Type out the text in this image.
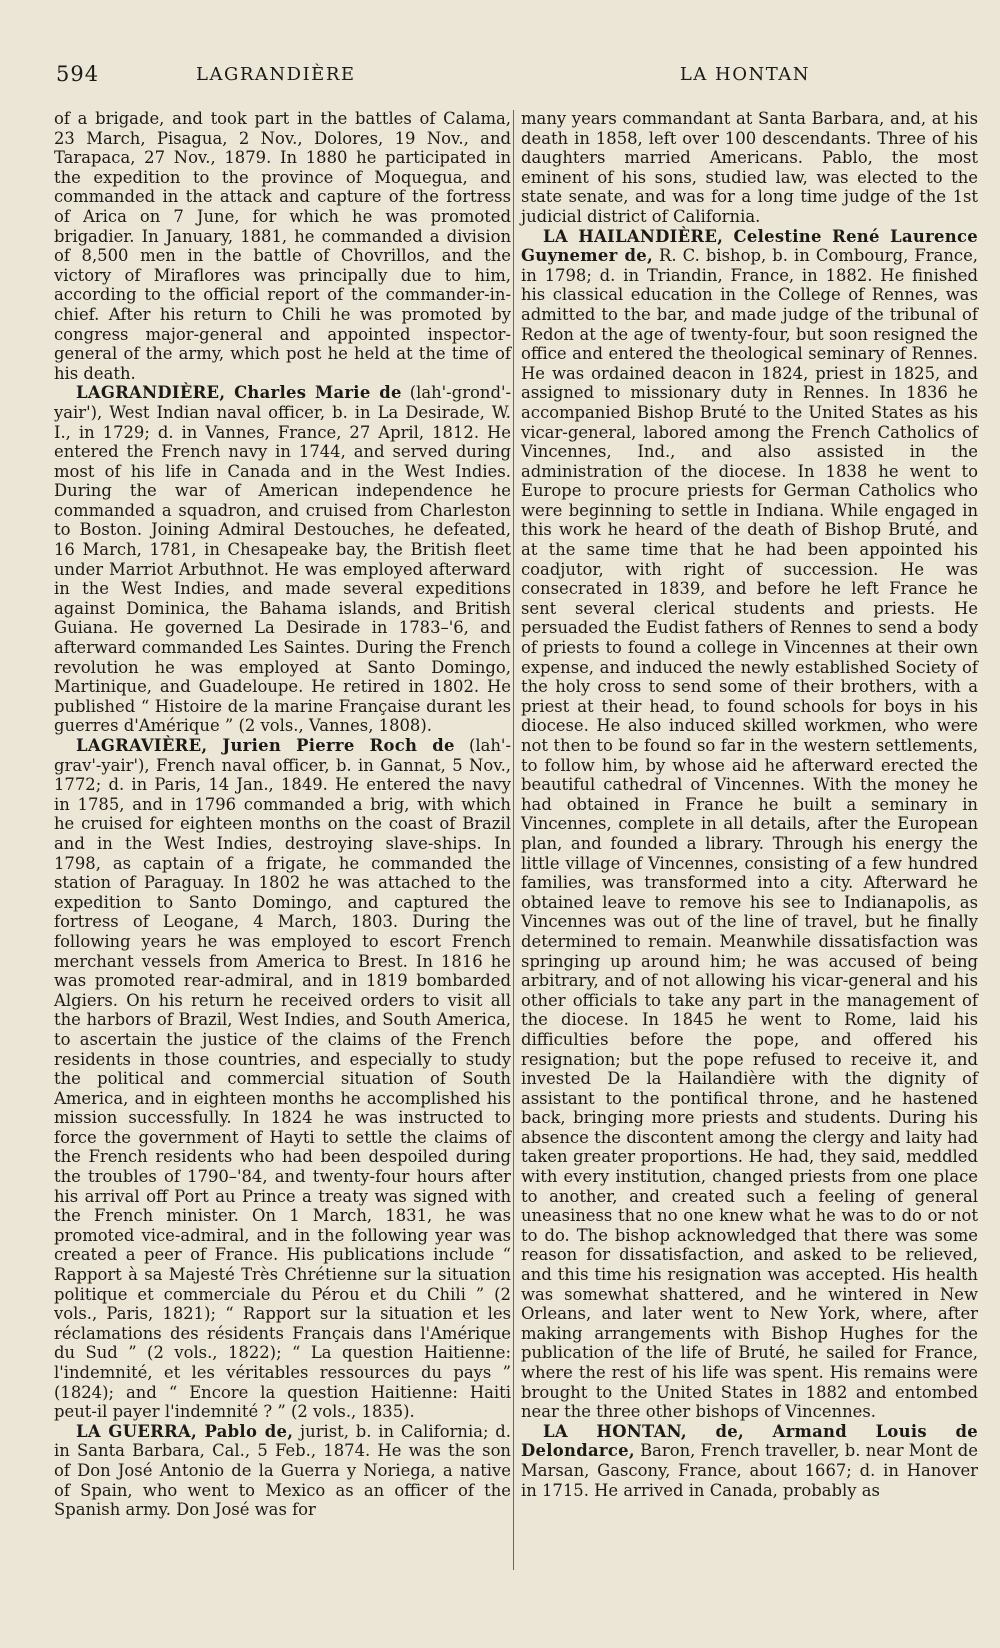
594	LAGRANDIÈRE	LA HONTAN

of a brigade, and took part in the battles of Calama, 23 March, Pisagua, 2 Nov., Dolores, 19 Nov., and Tarapaca, 27 Nov., 1879. In 1880 he participated in the expedition to the province of Moquegua, and commanded in the attack and capture of the fortress of Arica on 7 June, for which he was promoted brigadier. In January, 1881, he commanded a division of 8,500 men in the battle of Chovrillos, and the victory of Miraflores was principally due to him, according to the official report of the commander-in-chief. After his return to Chili he was promoted by congress major-general and appointed inspector-general of the army, which post he held at the time of his death.

LAGRANDIÈRE, Charles Marie de (lah'-grond'-yair'), West Indian naval officer, b. in La Desirade, W. I., in 1729; d. in Vannes, France, 27 April, 1812. He entered the French navy in 1744, and served during most of his life in Canada and in the West Indies. During the war of American independence he commanded a squadron, and cruised from Charleston to Boston. Joining Admiral Destouches, he defeated, 16 March, 1781, in Chesapeake bay, the British fleet under Marriot Arbuthnot. He was employed afterward in the West Indies, and made several expeditions against Dominica, the Bahama islands, and British Guiana. He governed La Desirade in 1783–'6, and afterward commanded Les Saintes. During the French revolution he was employed at Santo Domingo, Martinique, and Guadeloupe. He retired in 1802. He published “ Histoire de la marine Française durant les guerres d'Amérique ” (2 vols., Vannes, 1808).

LAGRAVIÈRE, Jurien Pierre Roch de (lah'-grav'-yair'), French naval officer, b. in Gannat, 5 Nov., 1772; d. in Paris, 14 Jan., 1849. He entered the navy in 1785, and in 1796 commanded a brig, with which he cruised for eighteen months on the coast of Brazil and in the West Indies, destroying slave-ships. In 1798, as captain of a frigate, he commanded the station of Paraguay. In 1802 he was attached to the expedition to Santo Domingo, and captured the fortress of Leogane, 4 March, 1803. During the following years he was employed to escort French merchant vessels from America to Brest. In 1816 he was promoted rear-admiral, and in 1819 bombarded Algiers. On his return he received orders to visit all the harbors of Brazil, West Indies, and South America, to ascertain the justice of the claims of the French residents in those countries, and especially to study the political and commercial situation of South America, and in eighteen months he accomplished his mission successfully. In 1824 he was instructed to force the government of Hayti to settle the claims of the French residents who had been despoiled during the troubles of 1790–'84, and twenty-four hours after his arrival off Port au Prince a treaty was signed with the French minister. On 1 March, 1831, he was promoted vice-admiral, and in the following year was created a peer of France. His publications include “ Rapport à sa Majesté Très Chrétienne sur la situation politique et commerciale du Pérou et du Chili ” (2 vols., Paris, 1821); “ Rapport sur la situation et les réclamations des résidents Français dans l'Amérique du Sud ” (2 vols., 1822); “ La question Haitienne: l'indemnité, et les véritables ressources du pays ” (1824); and “ Encore la question Haitienne: Haiti peut-il payer l'indemnité ? ” (2 vols., 1835).

LA GUERRA, Pablo de, jurist, b. in California; d. in Santa Barbara, Cal., 5 Feb., 1874. He was the son of Don José Antonio de la Guerra y Noriega, a native of Spain, who went to Mexico as an officer of the Spanish army. Don José was for

many years commandant at Santa Barbara, and, at his death in 1858, left over 100 descendants. Three of his daughters married Americans. Pablo, the most eminent of his sons, studied law, was elected to the state senate, and was for a long time judge of the 1st judicial district of California.

LA HAILANDIÈRE, Celestine René Laurence Guynemer de, R. C. bishop, b. in Combourg, France, in 1798; d. in Triandin, France, in 1882. He finished his classical education in the College of Rennes, was admitted to the bar, and made judge of the tribunal of Redon at the age of twenty-four, but soon resigned the office and entered the theological seminary of Rennes. He was ordained deacon in 1824, priest in 1825, and assigned to missionary duty in Rennes. In 1836 he accompanied Bishop Bruté to the United States as his vicar-general, labored among the French Catholics of Vincennes, Ind., and also assisted in the administration of the diocese. In 1838 he went to Europe to procure priests for German Catholics who were beginning to settle in Indiana. While engaged in this work he heard of the death of Bishop Bruté, and at the same time that he had been appointed his coadjutor, with right of succession. He was consecrated in 1839, and before he left France he sent several clerical students and priests. He persuaded the Eudist fathers of Rennes to send a body of priests to found a college in Vincennes at their own expense, and induced the newly established Society of the holy cross to send some of their brothers, with a priest at their head, to found schools for boys in his diocese. He also induced skilled workmen, who were not then to be found so far in the western settlements, to follow him, by whose aid he afterward erected the beautiful cathedral of Vincennes. With the money he had obtained in France he built a seminary in Vincennes, complete in all details, after the European plan, and founded a library. Through his energy the little village of Vincennes, consisting of a few hundred families, was transformed into a city. Afterward he obtained leave to remove his see to Indianapolis, as Vincennes was out of the line of travel, but he finally determined to remain. Meanwhile dissatisfaction was springing up around him; he was accused of being arbitrary, and of not allowing his vicar-general and his other officials to take any part in the management of the diocese. In 1845 he went to Rome, laid his difficulties before the pope, and offered his resignation; but the pope refused to receive it, and invested De la Hailandière with the dignity of assistant to the pontifical throne, and he hastened back, bringing more priests and students. During his absence the discontent among the clergy and laity had taken greater proportions. He had, they said, meddled with every institution, changed priests from one place to another, and created such a feeling of general uneasiness that no one knew what he was to do or not to do. The bishop acknowledged that there was some reason for dissatisfaction, and asked to be relieved, and this time his resignation was accepted. His health was somewhat shattered, and he wintered in New Orleans, and later went to New York, where, after making arrangements with Bishop Hughes for the publication of the life of Bruté, he sailed for France, where the rest of his life was spent. His remains were brought to the United States in 1882 and entombed near the three other bishops of Vincennes.

LA HONTAN, de, Armand Louis de Delondarce, Baron, French traveller, b. near Mont de Marsan, Gascony, France, about 1667; d. in Hanover in 1715. He arrived in Canada, probably as
